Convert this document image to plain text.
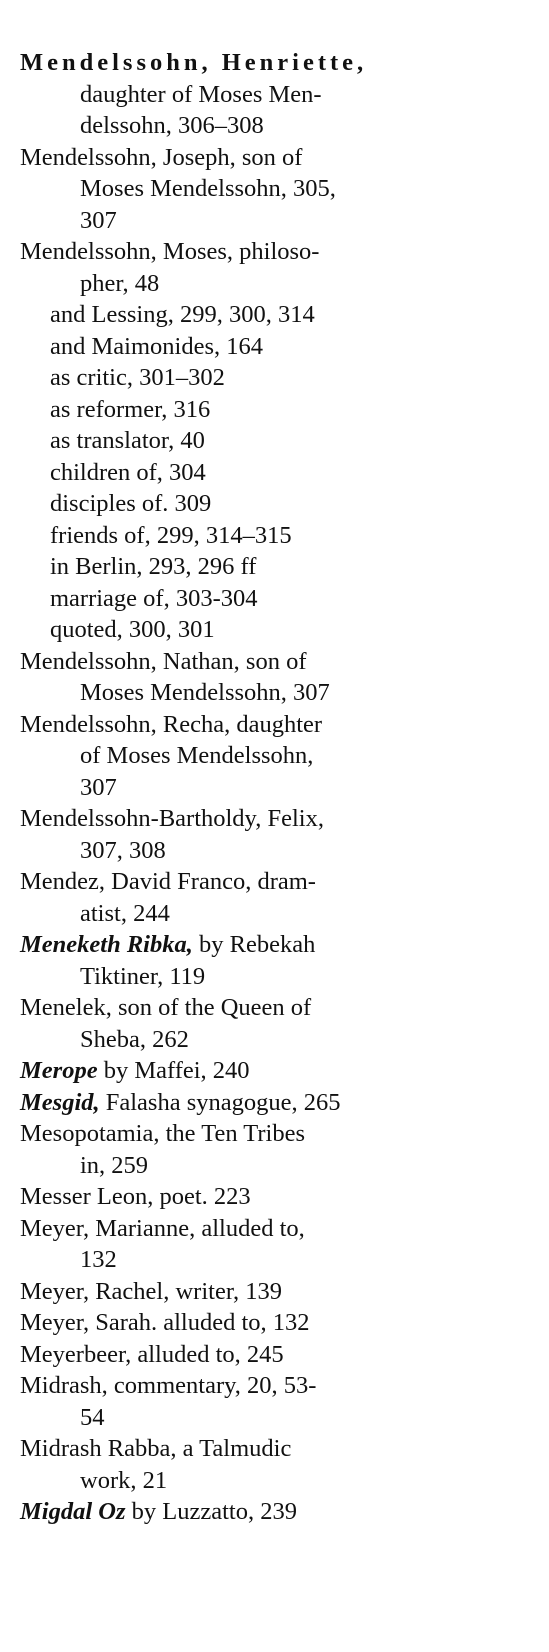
Mendelssohn, Henriette,
daughter of Moses Men-
delssohn, 306–308
Mendelssohn, Joseph, son of
Moses Mendelssohn, 305,
307
Mendelssohn, Moses, philoso-
pher, 48
and Lessing, 299, 300, 314
and Maimonides, 164
as critic, 301–302
as reformer, 316
as translator, 40
children of, 304
disciples of. 309
friends of, 299, 314–315
in Berlin, 293, 296 ff
marriage of, 303-304
quoted, 300, 301
Mendelssohn, Nathan, son of
Moses Mendelssohn, 307
Mendelssohn, Recha, daughter
of Moses Mendelssohn,
307
Mendelssohn-Bartholdy, Felix,
307, 308
Mendez, David Franco, dram-
atist, 244
Meneketh Ribka, by Rebekah
Tiktiner, 119
Menelek, son of the Queen of
Sheba, 262
Merope by Maffei, 240
Mesgid, Falasha synagogue, 265
Mesopotamia, the Ten Tribes
in, 259
Messer Leon, poet. 223
Meyer, Marianne, alluded to,
132
Meyer, Rachel, writer, 139
Meyer, Sarah. alluded to, 132
Meyerbeer, alluded to, 245
Midrash, commentary, 20, 53-
54
Midrash Rabba, a Talmudic
work, 21
Migdal Oz by Luzzatto, 239
